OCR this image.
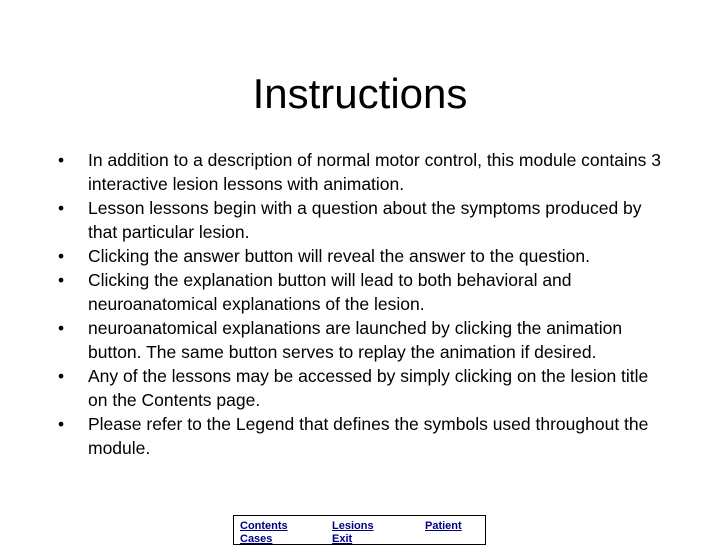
Instructions
• In addition to a description of normal motor control, this module contains 3 interactive lesion lessons with animation.
• Lesson lessons begin with a question about the symptoms produced by that particular lesion.
• Clicking the answer button will reveal the answer to the question.
• Clicking the explanation button will lead to both behavioral and neuroanatomical explanations of the lesion.
• neuroanatomical explanations are launched by clicking the animation button. The same button serves to replay the animation if desired.
• Any of the lessons may be accessed by simply clicking on the lesion title on the Contents page.
• Please refer to the Legend that defines the symbols used throughout the module.
Contents	Lesions	Patient
Cases	Exit
